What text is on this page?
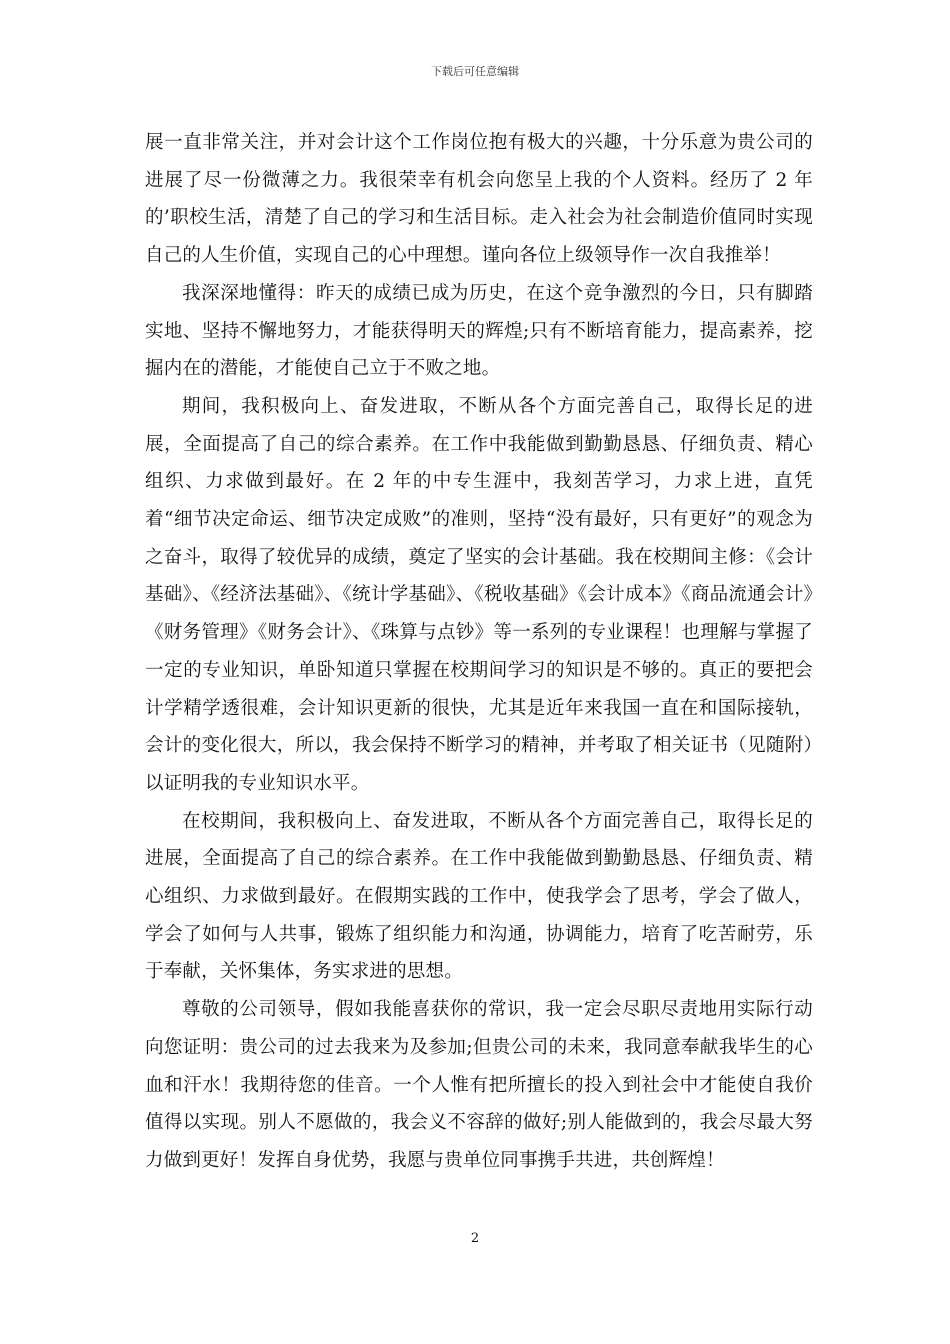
下载后可任意编辑

展一直非常关注，并对会计这个工作岗位抱有极大的兴趣，十分乐意为贵公司的进展了尽一份微薄之力。我很荣幸有机会向您呈上我的个人资料。经历了 2 年的’职校生活，清楚了自己的学习和生活目标。走入社会为社会制造价值同时实现自己的人生价值，实现自己的心中理想。谨向各位上级领导作一次自我推举！

我深深地懂得：昨天的成绩已成为历史，在这个竞争激烈的今日，只有脚踏实地、坚持不懈地努力，才能获得明天的辉煌;只有不断培育能力，提高素养，挖掘内在的潜能，才能使自己立于不败之地。

期间，我积极向上、奋发进取，不断从各个方面完善自己，取得长足的进展，全面提高了自己的综合素养。在工作中我能做到勤勤恳恳、仔细负责、精心组织、力求做到最好。在 2 年的中专生涯中，我刻苦学习，力求上进，直凭着“细节决定命运、细节决定成败”的准则，坚持“没有最好，只有更好”的观念为之奋斗，取得了较优异的成绩，奠定了坚实的会计基础。我在校期间主修：《会计基础》、《经济法基础》、《统计学基础》、《税收基础》《会计成本》《商品流通会计》《财务管理》《财务会计》、《珠算与点钞》等一系列的专业课程！也理解与掌握了一定的专业知识，单卧知道只掌握在校期间学习的知识是不够的。真正的要把会计学精学透很难，会计知识更新的很快，尤其是近年来我国一直在和国际接轨，会计的变化很大，所以，我会保持不断学习的精神，并考取了相关证书（见随附）以证明我的专业知识水平。

在校期间，我积极向上、奋发进取，不断从各个方面完善自己，取得长足的进展，全面提高了自己的综合素养。在工作中我能做到勤勤恳恳、仔细负责、精心组织、力求做到最好。在假期实践的工作中，使我学会了思考，学会了做人，学会了如何与人共事，锻炼了组织能力和沟通，协调能力，培育了吃苦耐劳，乐于奉献，关怀集体，务实求进的思想。

尊敬的公司领导，假如我能喜获你的常识，我一定会尽职尽责地用实际行动向您证明：贵公司的过去我来为及参加;但贵公司的未来，我同意奉献我毕生的心血和汗水！我期待您的佳音。一个人惟有把所擅长的投入到社会中才能使自我价值得以实现。别人不愿做的，我会义不容辞的做好;别人能做到的，我会尽最大努力做到更好！发挥自身优势，我愿与贵单位同事携手共进，共创辉煌！

2
